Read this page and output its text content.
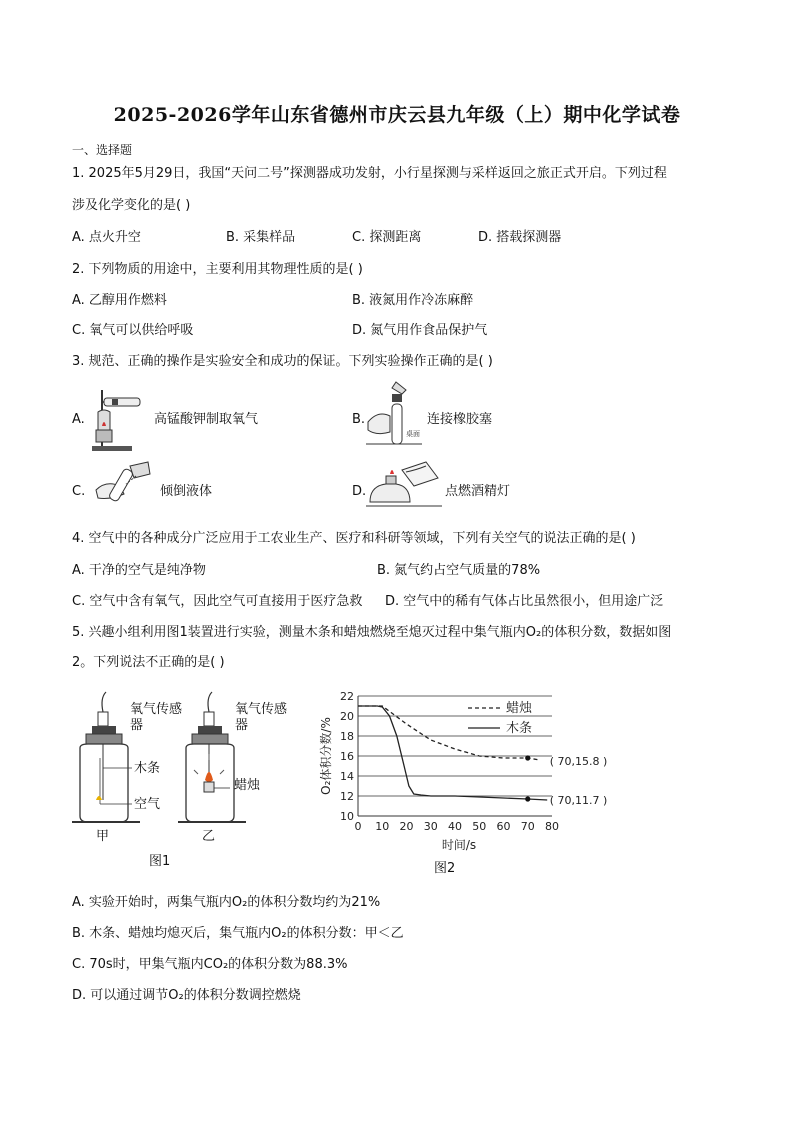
2025-2026学年山东省德州市庆云县九年级（上）期中化学试卷
一、选择题
1. 2025年5月29日，我国“天问二号”探测器成功发射，小行星探测与采样返回之旅正式开启。下列过程
涉及化学变化的是( )
A. 点火升空	B. 采集样品	C. 探测距离	D. 搭载探测器
2. 下列物质的用途中，主要利用其物理性质的是( )
A. 乙醇用作燃料	B. 液氮用作冷冻麻醉
C. 氧气可以供给呼吸	D. 氮气用作食品保护气
3. 规范、正确的操作是实验安全和成功的保证。下列实验操作正确的是( )
A.	高锰酸钾制取氧气	B.
桌面
连接橡胶塞
C.	倾倒液体	D.	点燃酒精灯
4. 空气中的各种成分广泛应用于工农业生产、医疗和科研等领域，下列有关空气的说法正确的是( )
A. 干净的空气是纯净物	B. 氮气约占空气质量的78%
C. 空气中含有氧气，因此空气可直接用于医疗急救 D. 空气中的稀有气体占比虽然很小，但用途广泛
5. 兴趣小组利用图1装置进行实验，测量木条和蜡烛燃烧至熄灭过程中集气瓶内O₂的体积分数，数据如图
2。下列说法不正确的是( )
氧气传感器
氧气传感器
木条
空气
蜡烛
甲	乙
图1
10
12
14
16
18
20
22
0 10 20 30 40 50 60 70 80
时间/s
O₂体积分数/%
蜡烛
木条
( 70,15.8 )
( 70,11.7 )
图2
A. 实验开始时，两集气瓶内O₂的体积分数均约为21%
B. 木条、蜡烛均熄灭后，集气瓶内O₂的体积分数：甲＜乙
C. 70s时，甲集气瓶内CO₂的体积分数为88.3%
D. 可以通过调节O₂的体积分数调控燃烧
